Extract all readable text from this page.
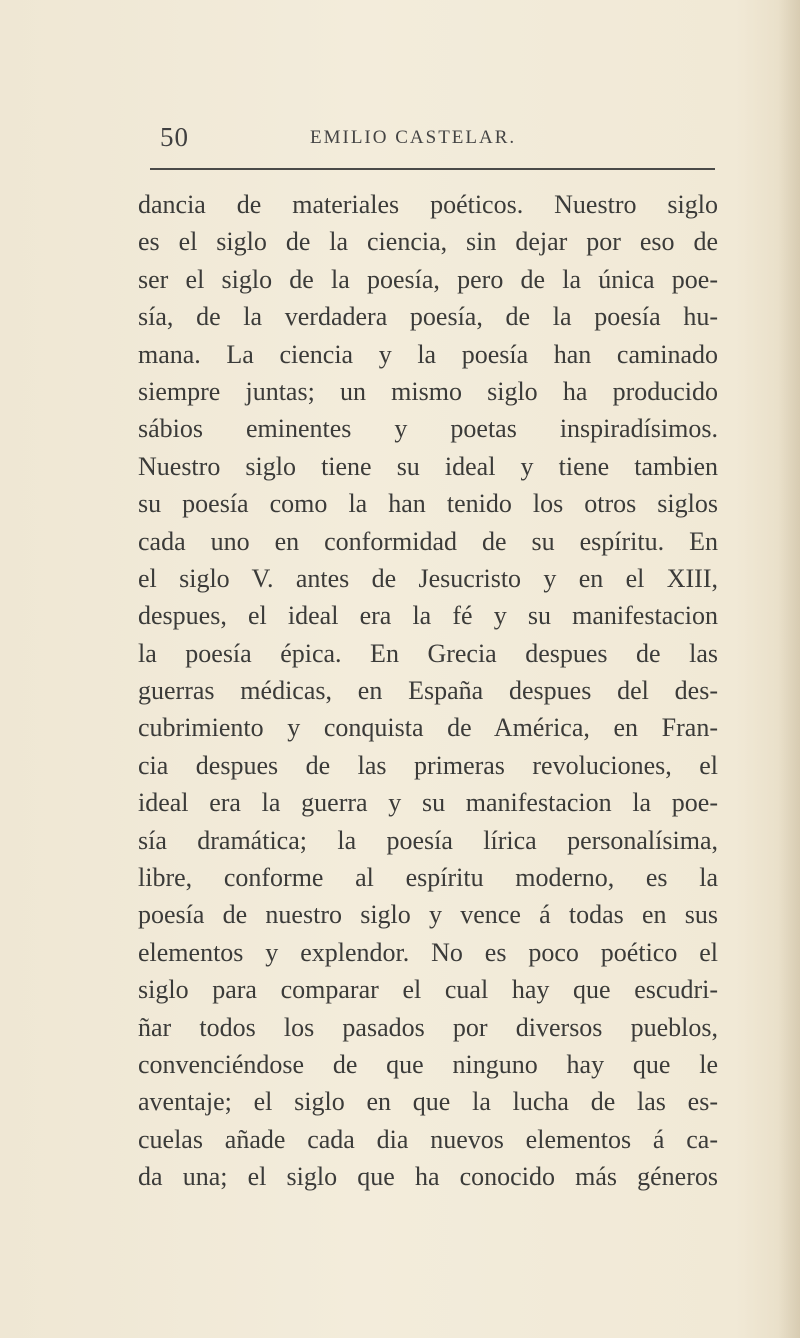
50	EMILIO CASTELAR.
dancia de materiales poéticos. Nuestro siglo
es el siglo de la ciencia, sin dejar por eso de
ser el siglo de la poesía, pero de la única poe-
sía, de la verdadera poesía, de la poesía hu-
mana. La ciencia y la poesía han caminado
siempre juntas; un mismo siglo ha producido
sábios eminentes y poetas inspiradísimos.
Nuestro siglo tiene su ideal y tiene tambien
su poesía como la han tenido los otros siglos
cada uno en conformidad de su espíritu. En
el siglo V. antes de Jesucristo y en el XIII,
despues, el ideal era la fé y su manifestacion
la poesía épica. En Grecia despues de las
guerras médicas, en España despues del des-
cubrimiento y conquista de América, en Fran-
cia despues de las primeras revoluciones, el
ideal era la guerra y su manifestacion la poe-
sía dramática; la poesía lírica personalísima,
libre, conforme al espíritu moderno, es la
poesía de nuestro siglo y vence á todas en sus
elementos y explendor. No es poco poético el
siglo para comparar el cual hay que escudri-
ñar todos los pasados por diversos pueblos,
convenciéndose de que ninguno hay que le
aventaje; el siglo en que la lucha de las es-
cuelas añade cada dia nuevos elementos á ca-
da una; el siglo que ha conocido más géneros
